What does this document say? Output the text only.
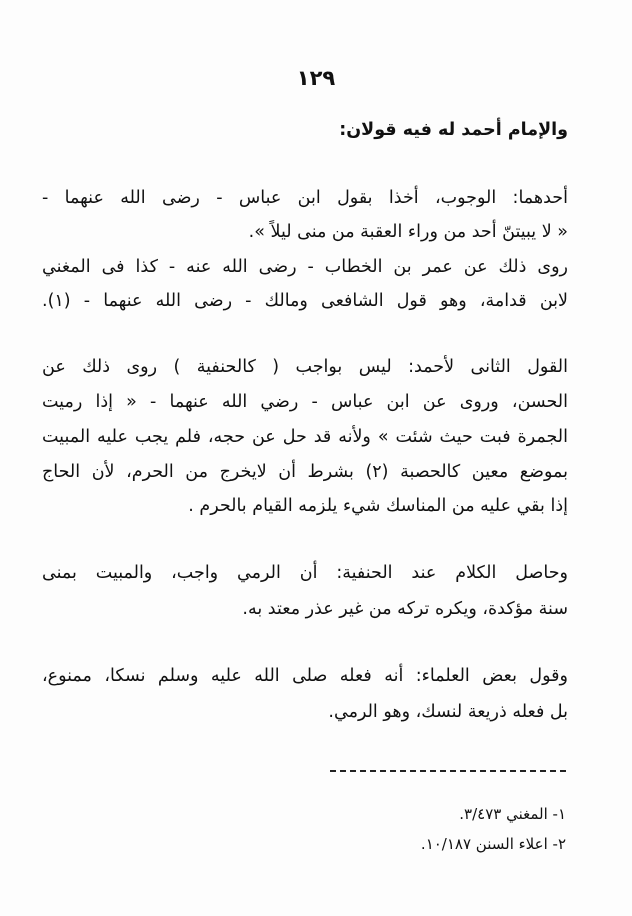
١٢٩
والإمام أحمد له فيه قولان:
أحدهما: الوجوب، أخذا بقول ابن عباس - رضى الله عنهما -
« لا يبيتنّ أحد من وراء العقبة من منى ليلاً ».
روى ذلك عن عمر بن الخطاب - رضى الله عنه - كذا فى المغني
لابن قدامة، وهو قول الشافعى ومالك - رضى الله عنهما - (١).
القول الثانى لأحمد: ليس بواجب ( كالحنفية ) روى ذلك عن
الحسن، وروى عن ابن عباس - رضي الله عنهما - « إذا رميت
الجمرة فبت حيث شئت » ولأنه قد حل عن حجه، فلم يجب عليه المبيت
بموضع معين كالحصبة (٢) بشرط أن لايخرج من الحرم، لأن الحاج
إذا بقي عليه من المناسك شيء يلزمه القيام بالحرم .
وحاصل الكلام عند الحنفية: أن الرمي واجب، والمبيت بمنى
سنة مؤكدة، ويكره تركه من غير عذر معتد به.
وقول بعض العلماء: أنه فعله صلى الله عليه وسلم نسكا، ممنوع،
بل فعله ذريعة لنسك، وهو الرمي.
١- المغني ٣/٤٧٣.
٢- اعلاء السنن ١٠/١٨٧.
